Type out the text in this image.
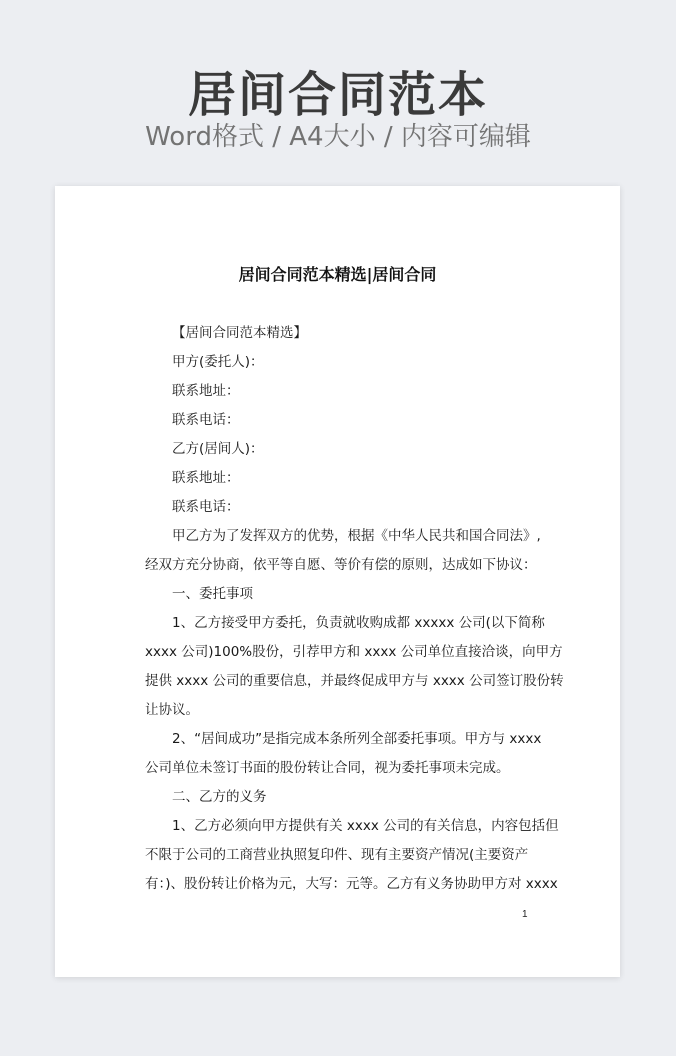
居间合同范本
Word格式 / A4大小 / 内容可编辑
居间合同范本精选|居间合同
【居间合同范本精选】
甲方(委托人)：
联系地址：
联系电话：
乙方(居间人)：
联系地址：
联系电话：
甲乙方为了发挥双方的优势，根据《中华人民共和国合同法》,
经双方充分协商，依平等自愿、等价有偿的原则，达成如下协议：
一、委托事项
1、乙方接受甲方委托，负责就收购成都 xxxxx 公司(以下简称
xxxx 公司)100%股份，引荐甲方和 xxxx 公司单位直接洽谈，向甲方
提供 xxxx 公司的重要信息，并最终促成甲方与 xxxx 公司签订股份转
让协议。
2、“居间成功”是指完成本条所列全部委托事项。甲方与 xxxx
公司单位未签订书面的股份转让合同，视为委托事项未完成。
二、乙方的义务
1、乙方必须向甲方提供有关 xxxx 公司的有关信息，内容包括但
不限于公司的工商营业执照复印件、现有主要资产情况(主要资产
有：)、股份转让价格为元，大写：元等。乙方有义务协助甲方对 xxxx
1
